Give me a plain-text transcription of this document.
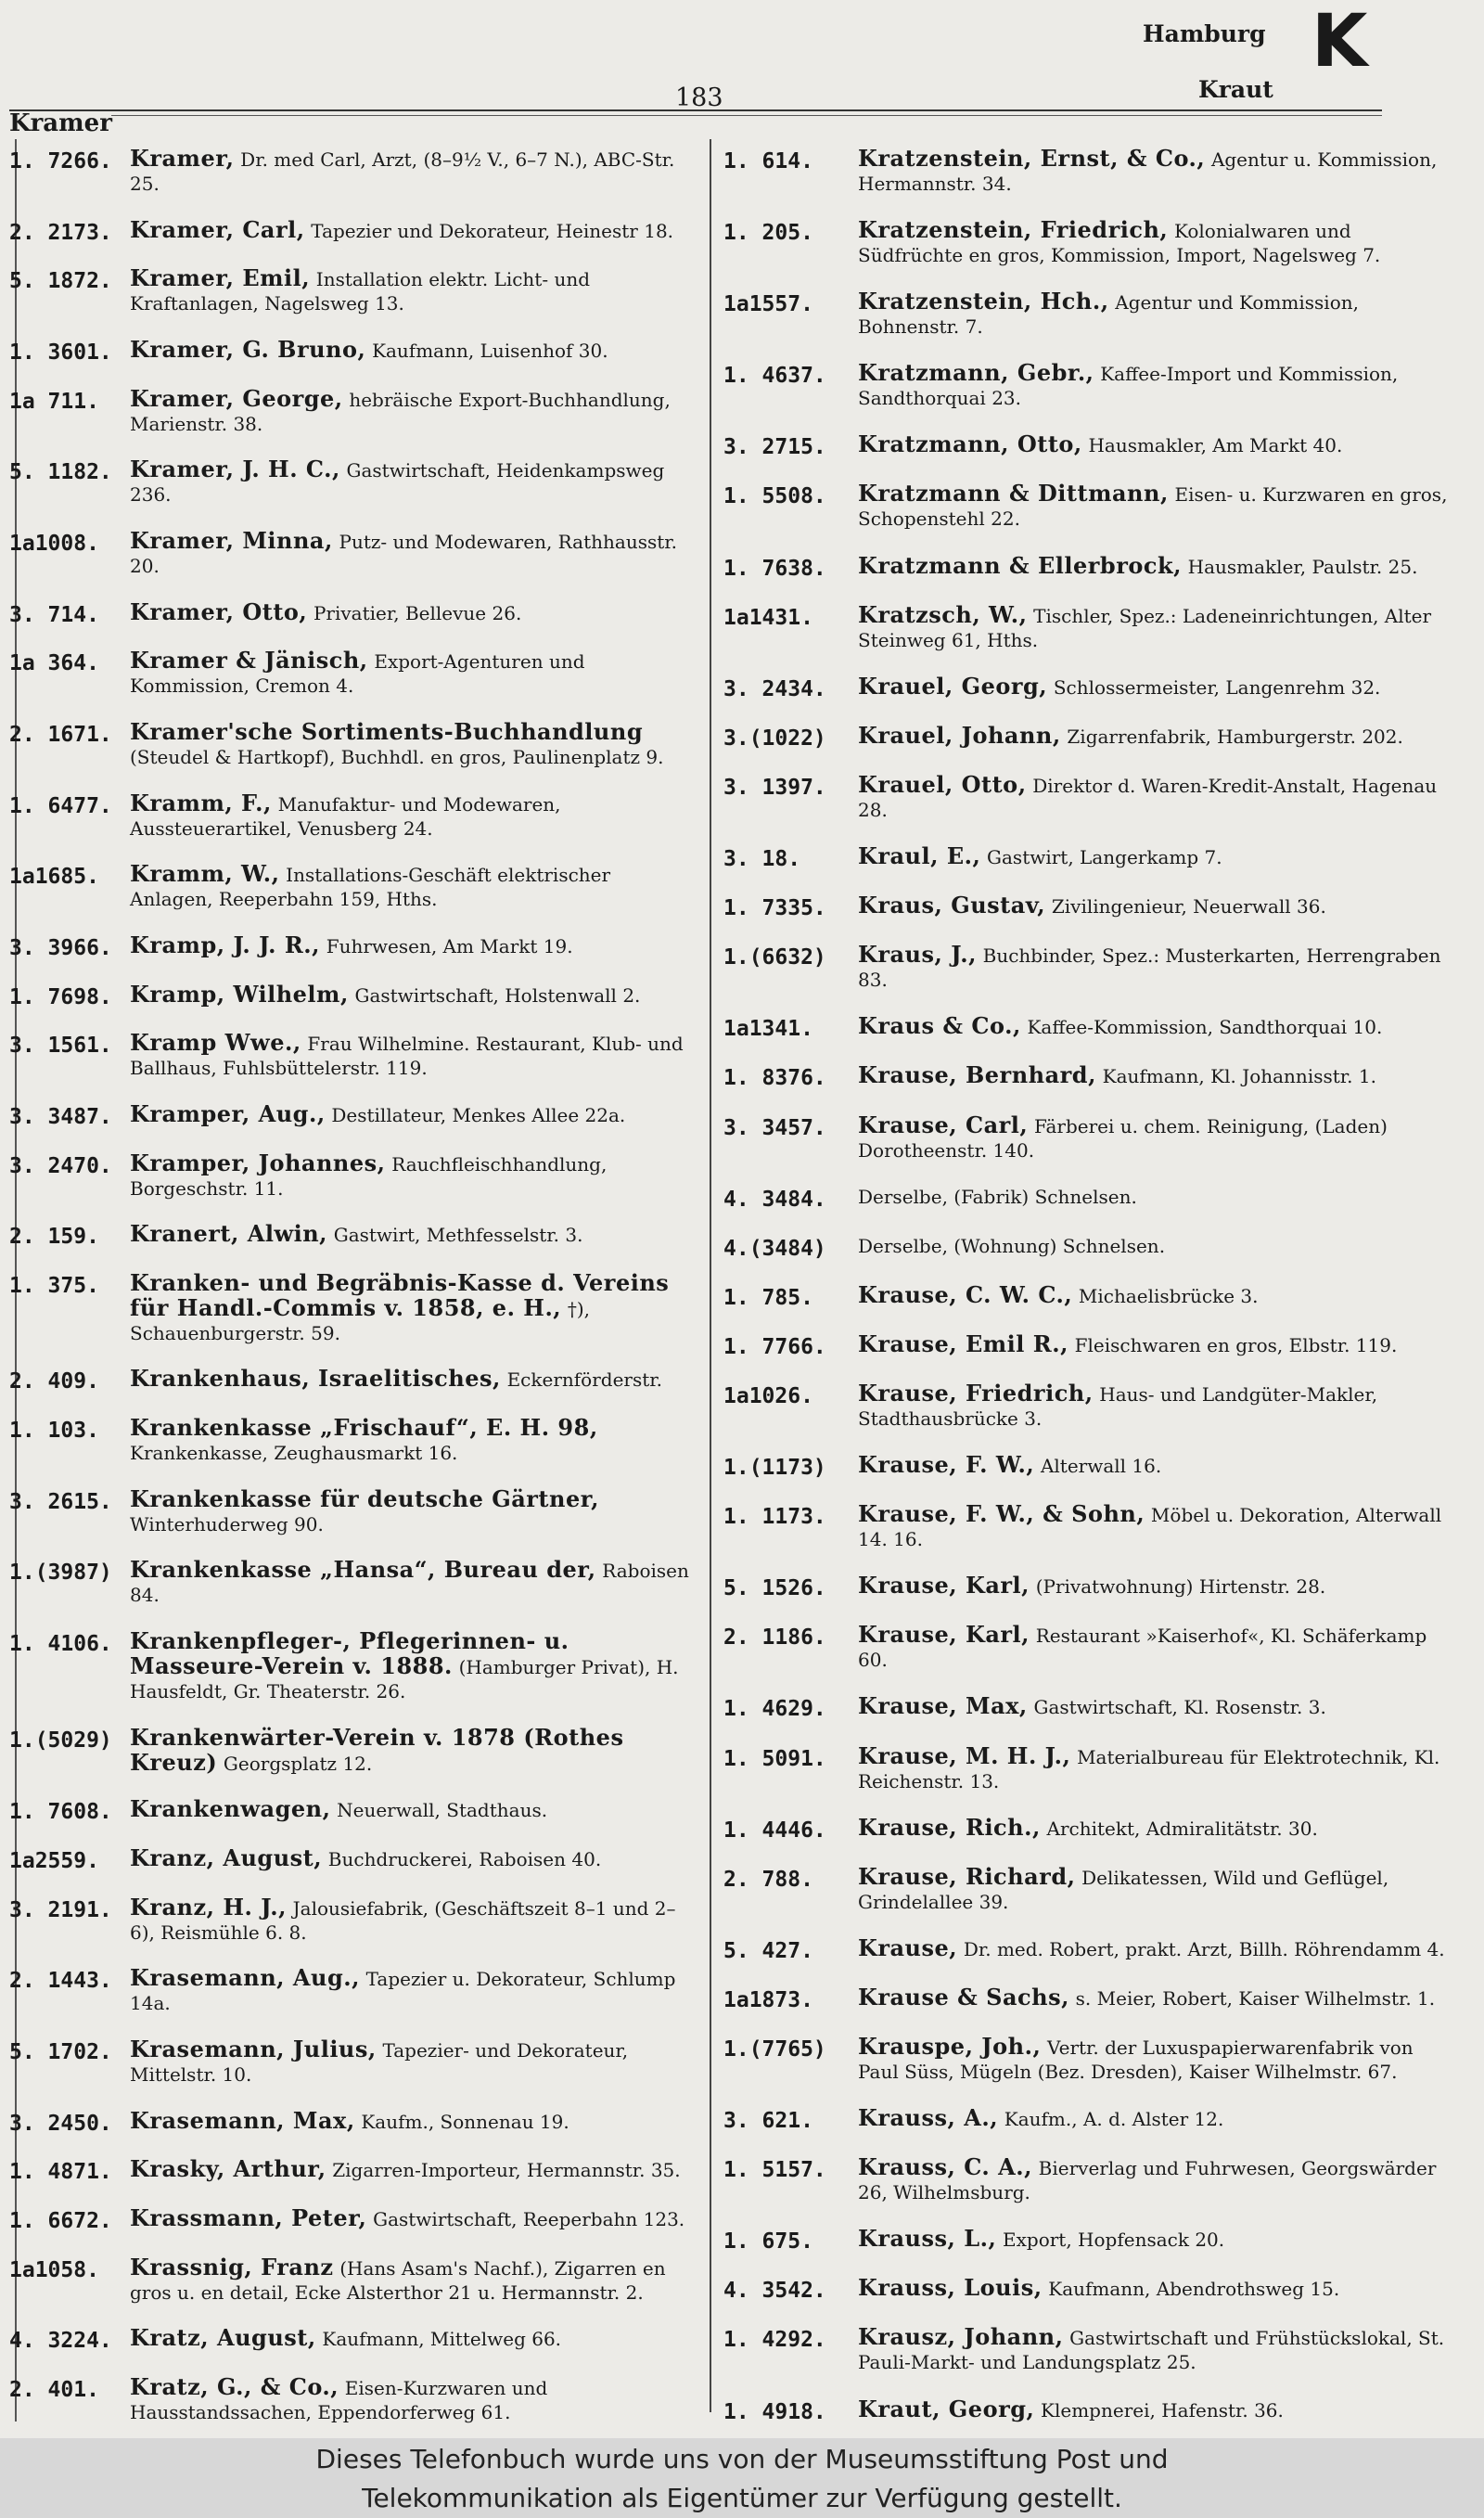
Kramer
183
Hamburg
Kraut
K
1. 7266. Kramer, Dr. med Carl, Arzt, (8–9½ V., 6–7 N.), ABC-Str. 25.
2. 2173. Kramer, Carl, Tapezier und Dekorateur, Heinestr 18.
5. 1872. Kramer, Emil, Installation elektr. Licht- und Kraftanlagen, Nagelsweg 13.
1. 3601. Kramer, G. Bruno, Kaufmann, Luisenhof 30.
1a 711.	Kramer, George, hebräische Export-Buchhandlung, Marienstr. 38.
5. 1182. Kramer, J. H. C., Gastwirtschaft, Heidenkampsweg 236.
1a1008.	Kramer, Minna, Putz- und Modewaren, Rathhausstr. 20.
3. 714.	Kramer, Otto, Privatier, Bellevue 26.
1a 364.	Kramer & Jänisch, Export-Agenturen und Kommission, Cremon 4.
2. 1671. Kramer'sche Sortiments-Buchhandlung (Steudel & Hartkopf), Buchhdl. en gros, Paulinenplatz 9.
1. 6477. Kramm, F., Manufaktur- und Modewaren, Aussteuerartikel, Venusberg 24.
1a1685.	Kramm, W., Installations-Geschäft elektrischer Anlagen, Reeperbahn 159, Hths.
3. 3966. Kramp, J. J. R., Fuhrwesen, Am Markt 19.
1. 7698. Kramp, Wilhelm, Gastwirtschaft, Holstenwall 2.
3. 1561. Kramp Wwe., Frau Wilhelmine. Restaurant, Klub- und Ballhaus, Fuhlsbüttelerstr. 119.
3. 3487. Kramper, Aug., Destillateur, Menkes Allee 22a.
3. 2470. Kramper, Johannes, Rauchfleischhandlung, Borgeschstr. 11.
2. 159.	Kranert, Alwin, Gastwirt, Methfesselstr. 3.
1. 375.	Kranken- und Begräbnis-Kasse d. Vereins für Handl.-Commis v. 1858, e. H., †), Schauenburgerstr. 59.
2. 409.	Krankenhaus, Israelitisches, Eckernförderstr.
1. 103.	Krankenkasse „Frischauf“, E. H. 98, Krankenkasse, Zeughausmarkt 16.
3. 2615. Krankenkasse für deutsche Gärtner, Winterhuderweg 90.
1.(3987) Krankenkasse „Hansa“, Bureau der, Raboisen 84.
1. 4106. Krankenpfleger-, Pflegerinnen- u. Masseure-Verein v. 1888. (Hamburger Privat), H. Hausfeldt, Gr. Theaterstr. 26.
1.(5029) Krankenwärter-Verein v. 1878 (Rothes Kreuz) Georgsplatz 12.
1. 7608. Krankenwagen, Neuerwall, Stadthaus.
1a2559.	Kranz, August, Buchdruckerei, Raboisen 40.
3. 2191. Kranz, H. J., Jalousiefabrik, (Geschäftszeit 8–1 und 2–6), Reismühle 6. 8.
2. 1443. Krasemann, Aug., Tapezier u. Dekorateur, Schlump 14a.
5. 1702. Krasemann, Julius, Tapezier- und Dekorateur, Mittelstr. 10.
3. 2450. Krasemann, Max, Kaufm., Sonnenau 19.
1. 4871. Krasky, Arthur, Zigarren-Importeur, Hermannstr. 35.
1. 6672. Krassmann, Peter, Gastwirtschaft, Reeperbahn 123.
1a1058.	Krassnig, Franz (Hans Asam's Nachf.), Zigarren en gros u. en detail, Ecke Alsterthor 21 u. Hermannstr. 2.
4. 3224. Kratz, August, Kaufmann, Mittelweg 66.
2. 401.	Kratz, G., & Co., Eisen-Kurzwaren und Hausstandssachen, Eppendorferweg 61.
1. 614.	Kratzenstein, Ernst, & Co., Agentur u. Kommission, Hermannstr. 34.
1. 205.	Kratzenstein, Friedrich, Kolonialwaren und Südfrüchte en gros, Kommission, Import, Nagelsweg 7.
1a1557.	Kratzenstein, Hch., Agentur und Kommission, Bohnenstr. 7.
1. 4637.	Kratzmann, Gebr., Kaffee-Import und Kommission, Sandthorquai 23.
3. 2715.	Kratzmann, Otto, Hausmakler, Am Markt 40.
1. 5508.	Kratzmann & Dittmann, Eisen- u. Kurzwaren en gros, Schopenstehl 22.
1. 7638.	Kratzmann & Ellerbrock, Hausmakler, Paulstr. 25.
1a1431.	Kratzsch, W., Tischler, Spez.: Ladeneinrichtungen, Alter Steinweg 61, Hths.
3. 2434.	Krauel, Georg, Schlossermeister, Langenrehm 32.
3.(1022)	Krauel, Johann, Zigarrenfabrik, Hamburgerstr. 202.
3. 1397.	Krauel, Otto, Direktor d. Waren-Kredit-Anstalt, Hagenau 28.
3. 18.	Kraul, E., Gastwirt, Langerkamp 7.
1. 7335.	Kraus, Gustav, Zivilingenieur, Neuerwall 36.
1.(6632)	Kraus, J., Buchbinder, Spez.: Musterkarten, Herrengraben 83.
1a1341.	Kraus & Co., Kaffee-Kommission, Sandthorquai 10.
1. 8376.	Krause, Bernhard, Kaufmann, Kl. Johannisstr. 1.
3. 3457.	Krause, Carl, Färberei u. chem. Reinigung, (Laden) Dorotheenstr. 140.
4. 3484.	Derselbe, (Fabrik) Schnelsen.
4.(3484)	Derselbe, (Wohnung) Schnelsen.
1. 785.	Krause, C. W. C., Michaelisbrücke 3.
1. 7766.	Krause, Emil R., Fleischwaren en gros, Elbstr. 119.
1a1026.	Krause, Friedrich, Haus- und Landgüter-Makler, Stadthausbrücke 3.
1.(1173)	Krause, F. W., Alterwall 16.
1. 1173.	Krause, F. W., & Sohn, Möbel u. Dekoration, Alterwall 14. 16.
5. 1526.	Krause, Karl, (Privatwohnung) Hirtenstr. 28.
2. 1186.	Krause, Karl, Restaurant »Kaiserhof«, Kl. Schäferkamp 60.
1. 4629.	Krause, Max, Gastwirtschaft, Kl. Rosenstr. 3.
1. 5091.	Krause, M. H. J., Materialbureau für Elektrotechnik, Kl. Reichenstr. 13.
1. 4446.	Krause, Rich., Architekt, Admiralitätstr. 30.
2. 788.	Krause, Richard, Delikatessen, Wild und Geflügel, Grindelallee 39.
5. 427.	Krause, Dr. med. Robert, prakt. Arzt, Billh. Röhrendamm 4.
1a1873.	Krause & Sachs, s. Meier, Robert, Kaiser Wilhelmstr. 1.
1.(7765)	Krauspe, Joh., Vertr. der Luxuspapierwarenfabrik von Paul Süss, Mügeln (Bez. Dresden), Kaiser Wilhelmstr. 67.
3. 621.	Krauss, A., Kaufm., A. d. Alster 12.
1. 5157.	Krauss, C. A., Bierverlag und Fuhrwesen, Georgswärder 26, Wilhelmsburg.
1. 675.	Krauss, L., Export, Hopfensack 20.
4. 3542.	Krauss, Louis, Kaufmann, Abendrothsweg 15.
1. 4292.	Krausz, Johann, Gastwirtschaft und Frühstückslokal, St. Pauli-Markt- und Landungsplatz 25.
1. 4918.	Kraut, Georg, Klempnerei, Hafenstr. 36.
Dieses Telefonbuch wurde uns von der Museumsstiftung Post und
Telekommunikation als Eigentümer zur Verfügung gestellt.
